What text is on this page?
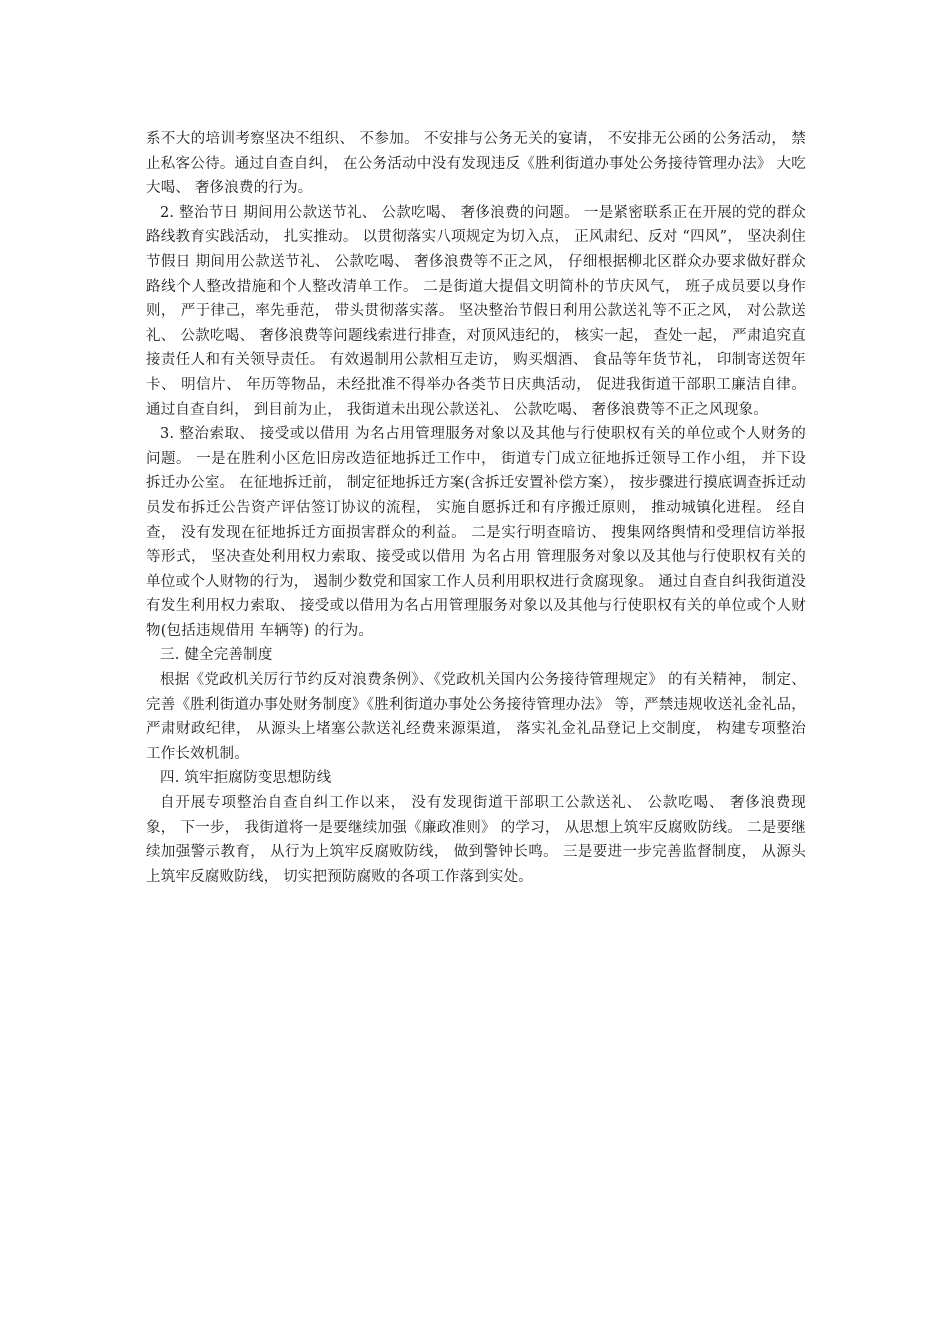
系不大的培训考察坚决不组织、 不参加。 不安排与公务无关的宴请， 不安排无公函的公务活动， 禁止私客公待。通过自查自纠， 在公务活动中没有发现违反《胜利街道办事处公务接待管理办法》 大吃大喝、 奢侈浪费的行为。

2. 整治节日 期间用公款送节礼、 公款吃喝、 奢侈浪费的问题。 一是紧密联系正在开展的党的群众路线教育实践活动， 扎实推动。 以贯彻落实八项规定为切入点， 正风肃纪、反对 “四风”， 坚决刹住节假日 期间用公款送节礼、 公款吃喝、 奢侈浪费等不正之风， 仔细根据柳北区群众办要求做好群众路线个人整改措施和个人整改清单工作。 二是街道大提倡文明简朴的节庆风气， 班子成员要以身作则， 严于律己，率先垂范， 带头贯彻落实落。 坚决整治节假日利用公款送礼等不正之风， 对公款送礼、 公款吃喝、 奢侈浪费等问题线索进行排查，对顶风违纪的， 核实一起， 查处一起， 严肃追究直接责任人和有关领导责任。 有效遏制用公款相互走访， 购买烟酒、 食品等年货节礼， 印制寄送贺年卡、 明信片、 年历等物品，未经批准不得举办各类节日庆典活动， 促进我街道干部职工廉洁自律。 通过自查自纠， 到目前为止， 我街道未出现公款送礼、 公款吃喝、 奢侈浪费等不正之风现象。

3. 整治索取、 接受或以借用 为名占用管理服务对象以及其他与行使职权有关的单位或个人财务的问题。 一是在胜利小区危旧房改造征地拆迁工作中， 街道专门成立征地拆迁领导工作小组， 并下设拆迁办公室。 在征地拆迁前， 制定征地拆迁方案(含拆迁安置补偿方案）， 按步骤进行摸底调查拆迁动员发布拆迁公告资产评估签订协议的流程， 实施自愿拆迁和有序搬迁原则， 推动城镇化进程。 经自查， 没有发现在征地拆迁方面损害群众的利益。 二是实行明查暗访、 搜集网络舆情和受理信访举报等形式， 坚决查处利用权力索取、接受或以借用 为名占用 管理服务对象以及其他与行使职权有关的单位或个人财物的行为， 遏制少数党和国家工作人员利用职权进行贪腐现象。 通过自查自纠我街道没有发生利用权力索取、 接受或以借用为名占用管理服务对象以及其他与行使职权有关的单位或个人财物(包括违规借用 车辆等) 的行为。

三. 健全完善制度

根据《党政机关厉行节约反对浪费条例》、《党政机关国内公务接待管理规定》 的有关精神， 制定、 完善《胜利街道办事处财务制度》《胜利街道办事处公务接待管理办法》 等，严禁违规收送礼金礼品， 严肃财政纪律， 从源头上堵塞公款送礼经费来源渠道， 落实礼金礼品登记上交制度， 构建专项整治工作长效机制。

四. 筑牢拒腐防变思想防线

自开展专项整治自查自纠工作以来， 没有发现街道干部职工公款送礼、 公款吃喝、 奢侈浪费现象， 下一步， 我街道将一是要继续加强《廉政准则》 的学习， 从思想上筑牢反腐败防线。 二是要继续加强警示教育， 从行为上筑牢反腐败防线， 做到警钟长鸣。 三是要进一步完善监督制度， 从源头上筑牢反腐败防线， 切实把预防腐败的各项工作落到实处。
